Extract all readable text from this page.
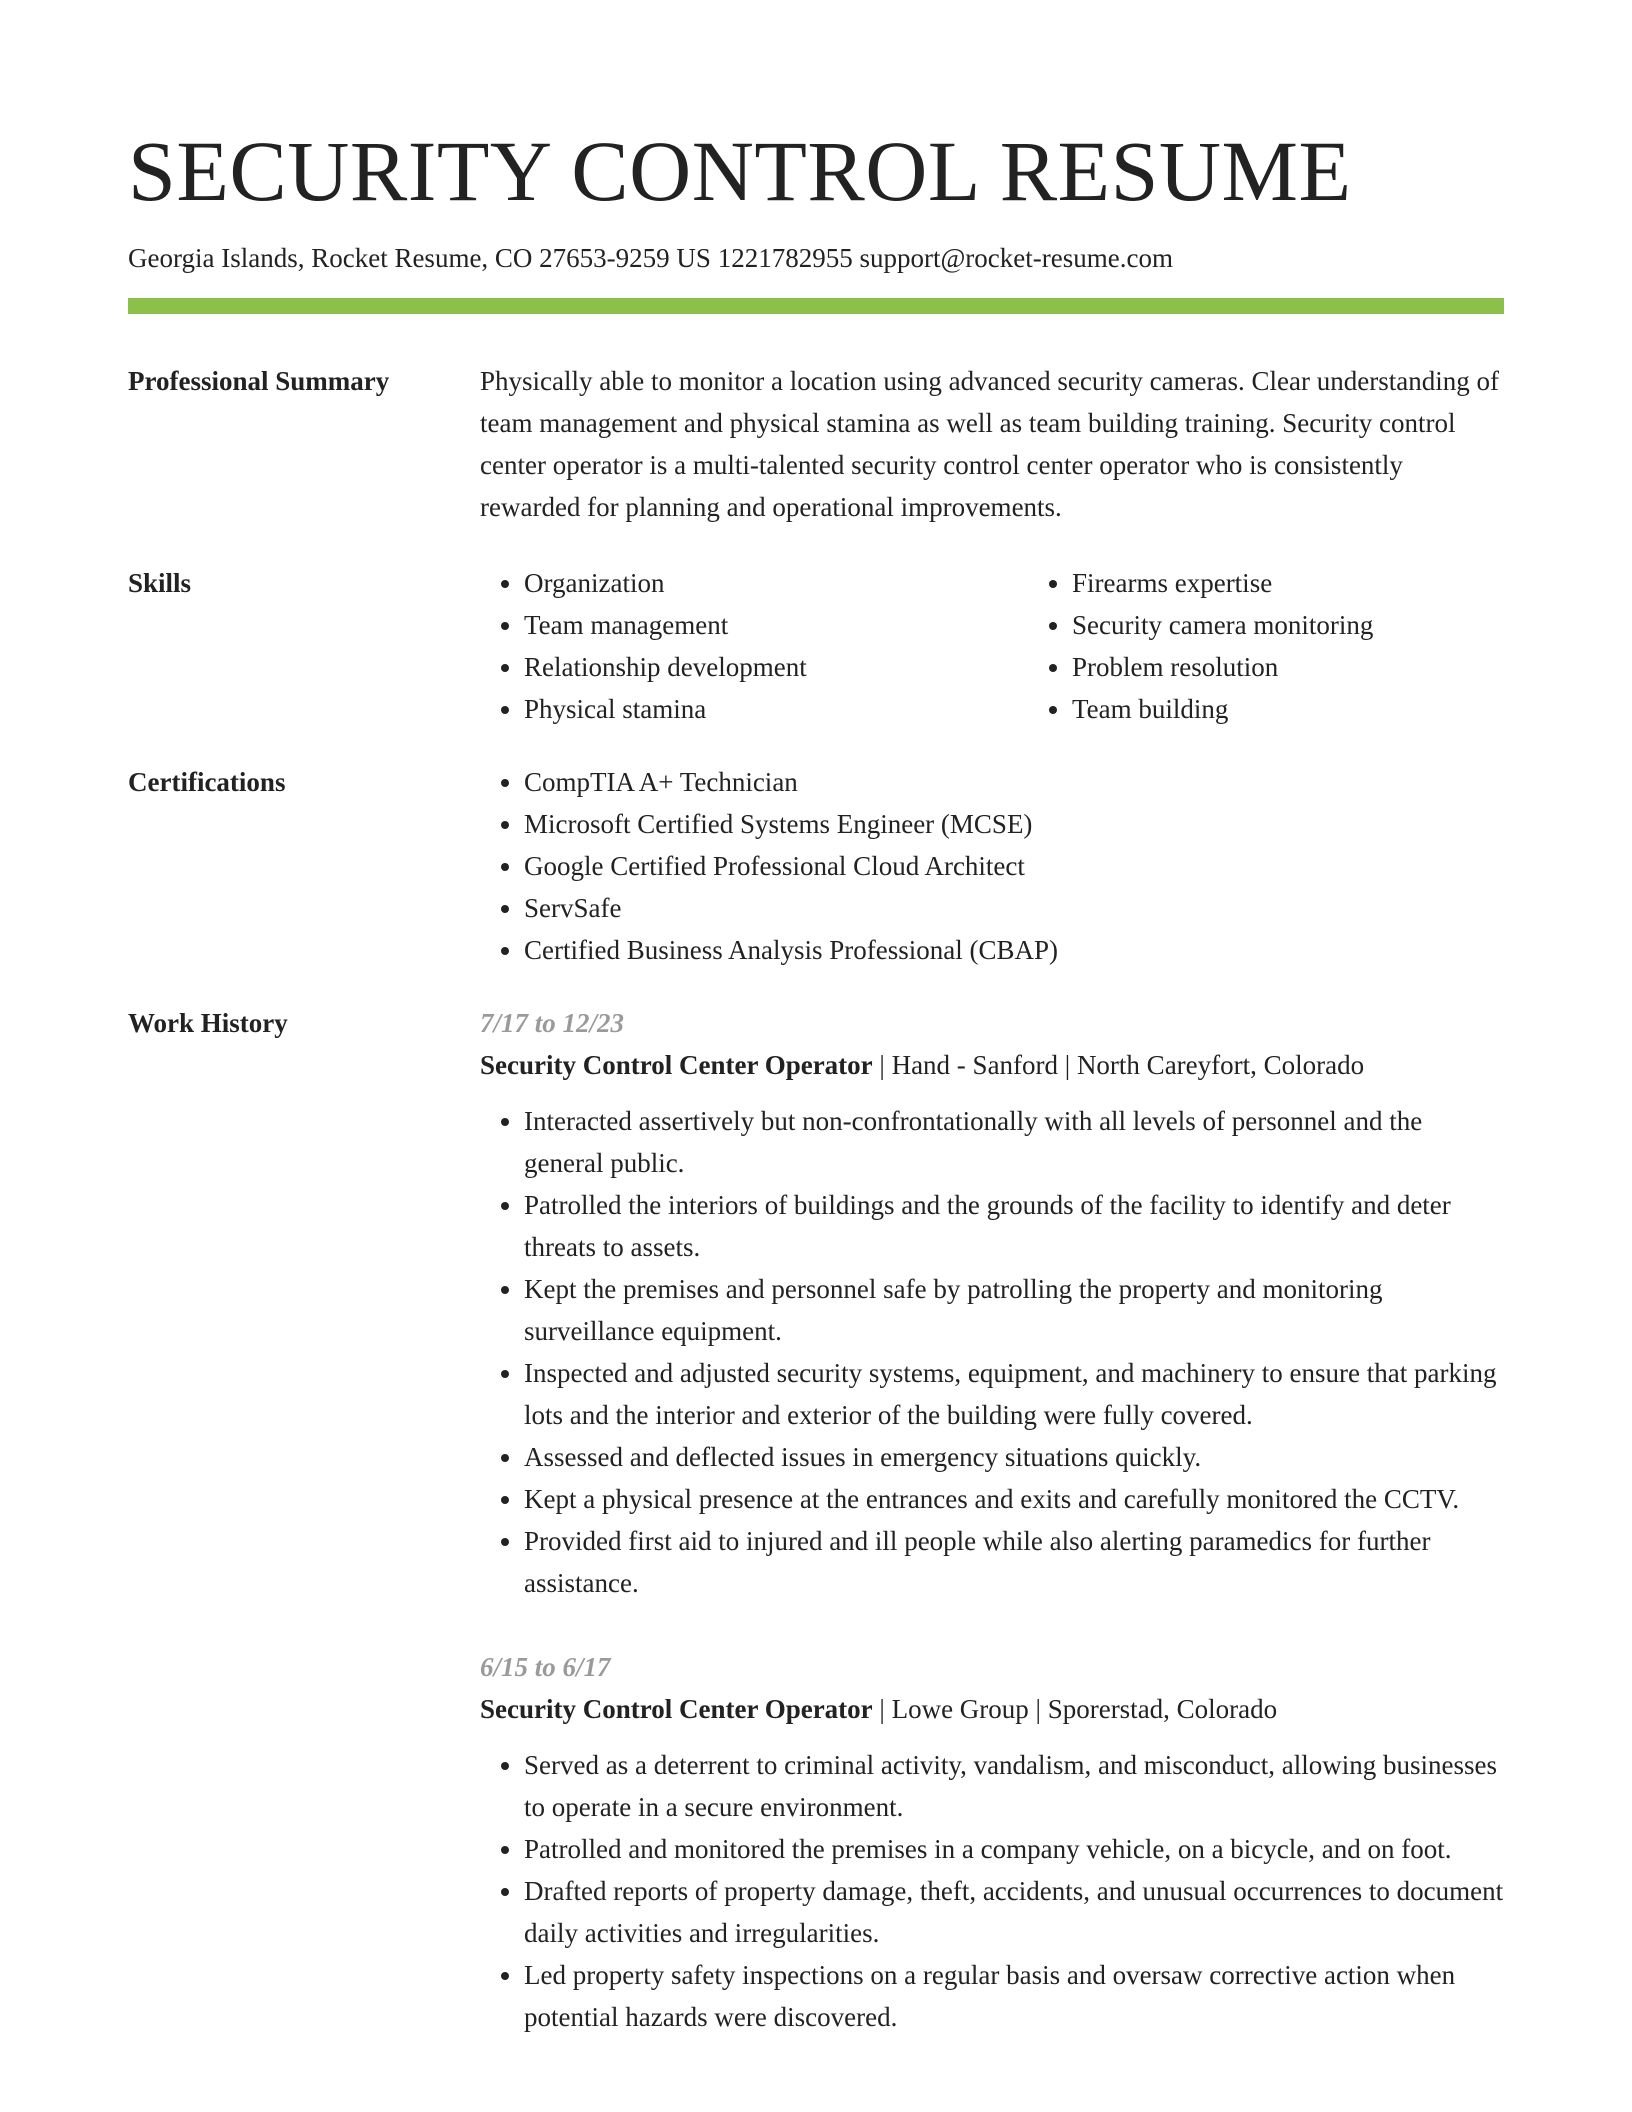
SECURITY CONTROL RESUME
Georgia Islands, Rocket Resume, CO 27653-9259 US 1221782955 support@rocket-resume.com
Professional Summary	Physically able to monitor a location using advanced security cameras. Clear understanding of team management and physical stamina as well as team building training. Security control center operator is a multi-talented security control center operator who is consistently rewarded for planning and operational improvements.

Skills	• Organization
• Team management
• Relationship development
• Physical stamina
• Firearms expertise
• Security camera monitoring
• Problem resolution
• Team building
Certifications	• CompTIA A+ Technician
• Microsoft Certified Systems Engineer (MCSE)
• Google Certified Professional Cloud Architect
• ServSafe
• Certified Business Analysis Professional (CBAP)
Work History	7/17 to 12/23
Security Control Center Operator | Hand - Sanford | North Careyfort, Colorado
• Interacted assertively but non-confrontationally with all levels of personnel and the general public.
• Patrolled the interiors of buildings and the grounds of the facility to identify and deter threats to assets.
• Kept the premises and personnel safe by patrolling the property and monitoring surveillance equipment.
• Inspected and adjusted security systems, equipment, and machinery to ensure that parking lots and the interior and exterior of the building were fully covered.
• Assessed and deflected issues in emergency situations quickly.
• Kept a physical presence at the entrances and exits and carefully monitored the CCTV.
• Provided first aid to injured and ill people while also alerting paramedics for further assistance.
6/15 to 6/17
Security Control Center Operator | Lowe Group | Sporerstad, Colorado
• Served as a deterrent to criminal activity, vandalism, and misconduct, allowing businesses to operate in a secure environment.
• Patrolled and monitored the premises in a company vehicle, on a bicycle, and on foot.
• Drafted reports of property damage, theft, accidents, and unusual occurrences to document daily activities and irregularities.
• Led property safety inspections on a regular basis and oversaw corrective action when potential hazards were discovered.
